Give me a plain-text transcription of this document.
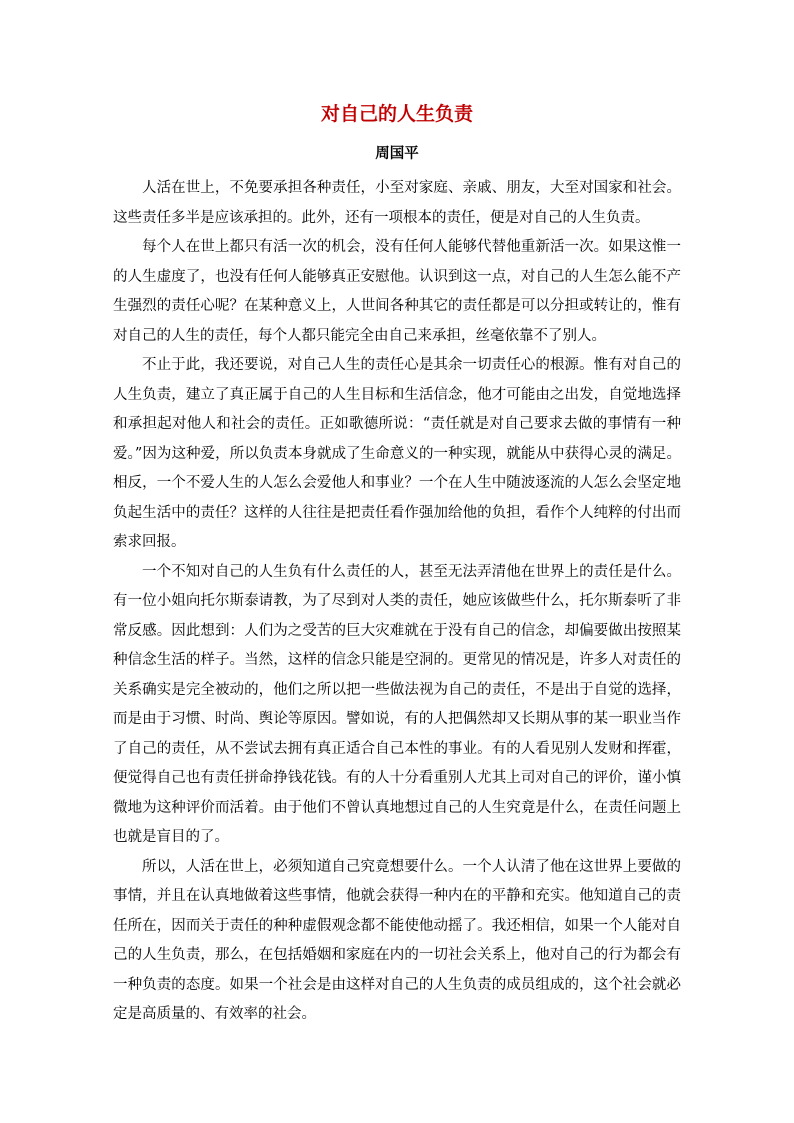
对自己的人生负责
周国平

人活在世上，不免要承担各种责任，小至对家庭、亲戚、朋友，大至对国家和社会。这些责任多半是应该承担的。此外，还有一项根本的责任，便是对自己的人生负责。

每个人在世上都只有活一次的机会，没有任何人能够代替他重新活一次。如果这惟一的人生虚度了，也没有任何人能够真正安慰他。认识到这一点，对自己的人生怎么能不产生强烈的责任心呢？在某种意义上，人世间各种其它的责任都是可以分担或转让的，惟有对自己的人生的责任，每个人都只能完全由自己来承担，丝毫依靠不了别人。

不止于此，我还要说，对自己人生的责任心是其余一切责任心的根源。惟有对自己的人生负责，建立了真正属于自己的人生目标和生活信念，他才可能由之出发，自觉地选择和承担起对他人和社会的责任。正如歌德所说：“责任就是对自己要求去做的事情有一种爱。”因为这种爱，所以负责本身就成了生命意义的一种实现，就能从中获得心灵的满足。相反，一个不爱人生的人怎么会爱他人和事业？一个在人生中随波逐流的人怎么会坚定地负起生活中的责任？这样的人往往是把责任看作强加给他的负担，看作个人纯粹的付出而索求回报。

一个不知对自己的人生负有什么责任的人，甚至无法弄清他在世界上的责任是什么。有一位小姐向托尔斯泰请教，为了尽到对人类的责任，她应该做些什么，托尔斯泰听了非常反感。因此想到：人们为之受苦的巨大灾难就在于没有自己的信念，却偏要做出按照某种信念生活的样子。当然，这样的信念只能是空洞的。更常见的情况是，许多人对责任的关系确实是完全被动的，他们之所以把一些做法视为自己的责任，不是出于自觉的选择，而是由于习惯、时尚、舆论等原因。譬如说，有的人把偶然却又长期从事的某一职业当作了自己的责任，从不尝试去拥有真正适合自己本性的事业。有的人看见别人发财和挥霍，便觉得自己也有责任拼命挣钱花钱。有的人十分看重别人尤其上司对自己的评价，谨小慎微地为这种评价而活着。由于他们不曾认真地想过自己的人生究竟是什么，在责任问题上也就是盲目的了。

所以，人活在世上，必须知道自己究竟想要什么。一个人认清了他在这世界上要做的事情，并且在认真地做着这些事情，他就会获得一种内在的平静和充实。他知道自己的责任所在，因而关于责任的种种虚假观念都不能使他动摇了。我还相信，如果一个人能对自己的人生负责，那么，在包括婚姻和家庭在内的一切社会关系上，他对自己的行为都会有一种负责的态度。如果一个社会是由这样对自己的人生负责的成员组成的，这个社会就必定是高质量的、有效率的社会。
